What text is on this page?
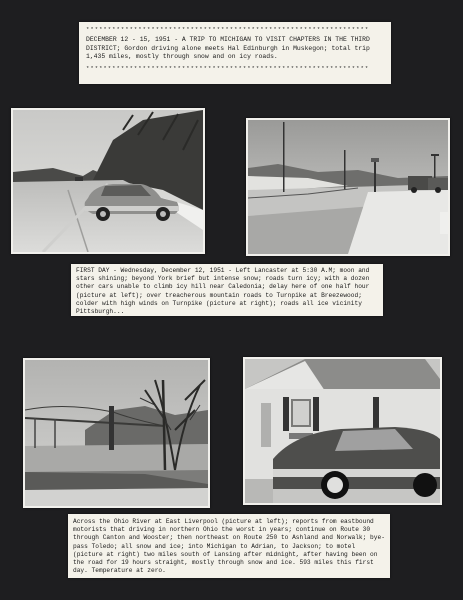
*****************************************************************
DECEMBER 12 - 15, 1951 - A TRIP TO MICHIGAN TO VISIT CHAPTERS IN THE THIRD DISTRICT; Gordon driving alone meets Hal Edinburgh in Muskegon; total trip 1,435 miles, mostly through snow and on icy roads.
*****************************************************************
FIRST DAY - Wednesday, December 12, 1951 - Left Lancaster at 5:30 A.M; moon and stars shining; beyond York brief but intense snow; roads turn icy; with a dozen other cars unable to climb icy hill near Caledonia; delay here of one half hour (picture at left); over treacherous mountain roads to Turnpike at Breezewood; colder with high winds on Turnpike (picture at right); roads all ice vicinity Pittsburgh...
Across the Ohio River at East Liverpool (picture at left); reports from eastbound motorists that driving in northern Ohio the worst in years; continue on Route 30 through Canton and Wooster; then northeast on Route 250 to Ashland and Norwalk; bye-pass Toledo; all snow and ice; into Michigan to Adrian, to Jackson; to motel (picture at right) two miles south of Lansing after midnight, after having been on the road for 19 hours straight, mostly through snow and ice. 593 miles this first day. Temperature at zero.
